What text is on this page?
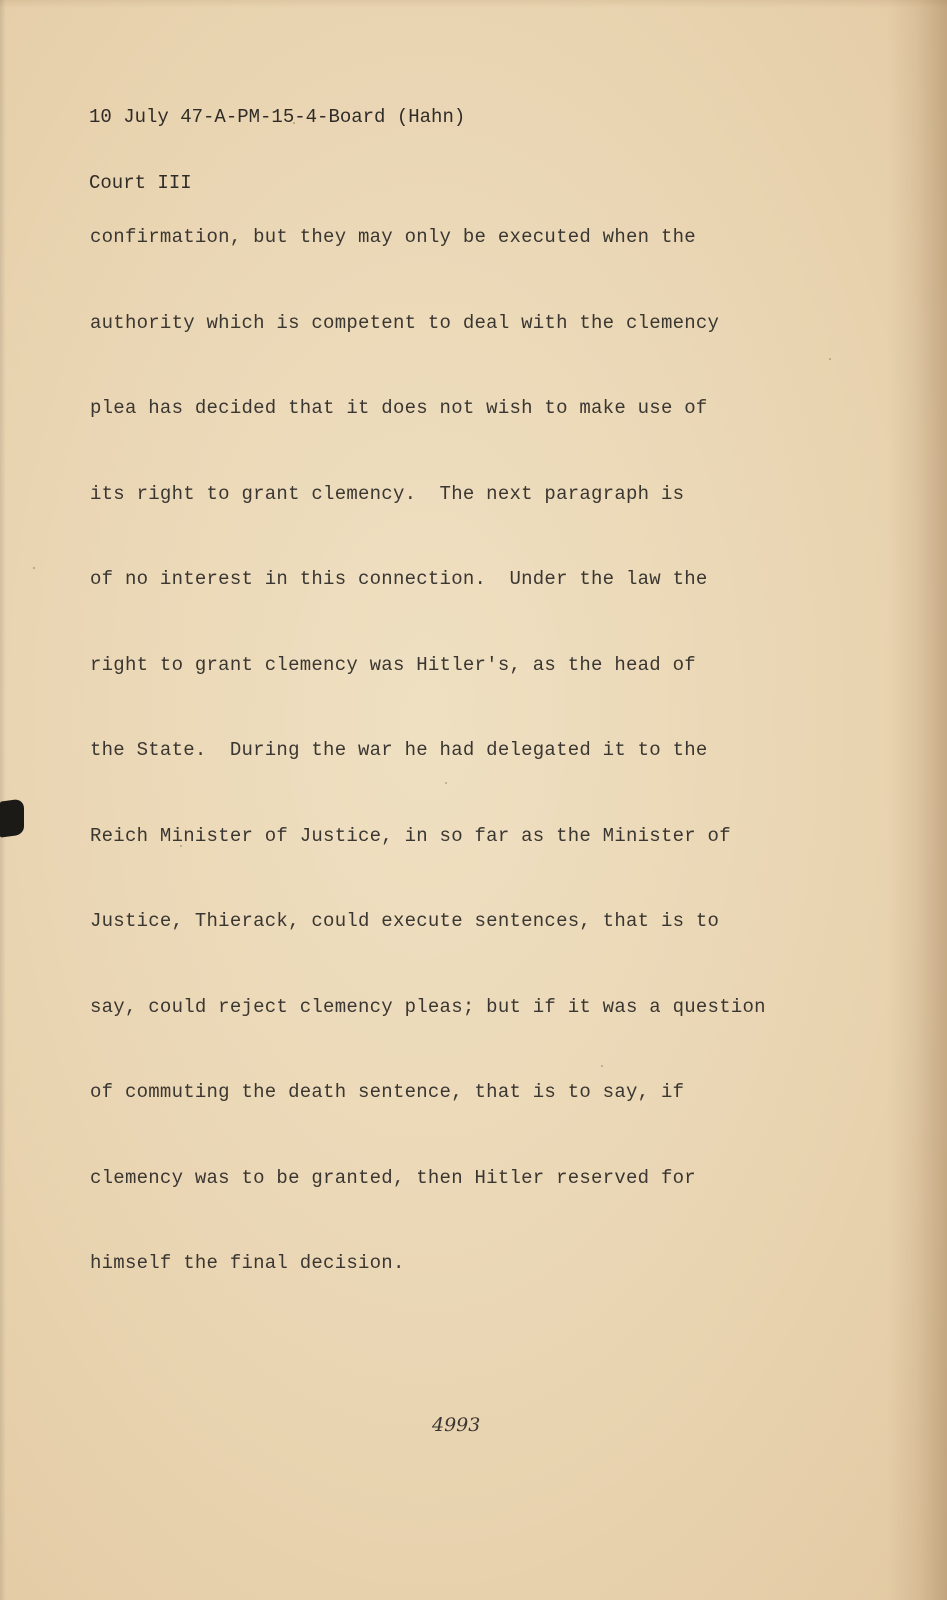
10 July 47-A-PM-15-4-Board (Hahn)

Court III

confirmation, but they may only be executed when the

authority which is competent to deal with the clemency

plea has decided that it does not wish to make use of

its right to grant clemency.  The next paragraph is

of no interest in this connection.  Under the law the

right to grant clemency was Hitler's, as the head of

the State.  During the war he had delegated it to the

Reich Minister of Justice, in so far as the Minister of

Justice, Thierack, could execute sentences, that is to

say, could reject clemency pleas; but if it was a question

of commuting the death sentence, that is to say, if

clemency was to be granted, then Hitler reserved for

himself the final decision.

4993
